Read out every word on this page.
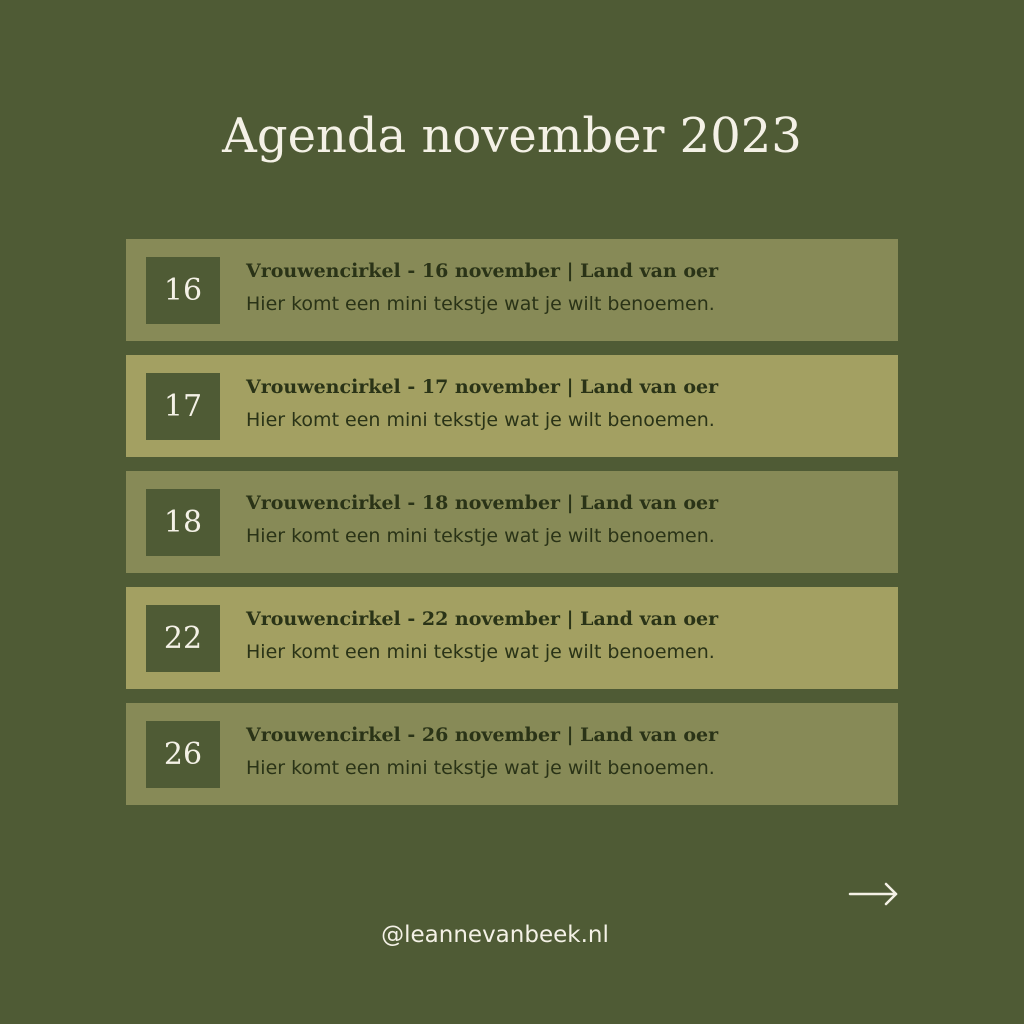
Agenda november 2023
16
Vrouwencirkel - 16 november | Land van oer
Hier komt een mini tekstje wat je wilt benoemen.
17
Vrouwencirkel - 17 november | Land van oer
Hier komt een mini tekstje wat je wilt benoemen.
18
Vrouwencirkel - 18 november | Land van oer
Hier komt een mini tekstje wat je wilt benoemen.
22
Vrouwencirkel - 22 november | Land van oer
Hier komt een mini tekstje wat je wilt benoemen.
26
Vrouwencirkel - 26 november | Land van oer
Hier komt een mini tekstje wat je wilt benoemen.
@leannevanbeek.nl
